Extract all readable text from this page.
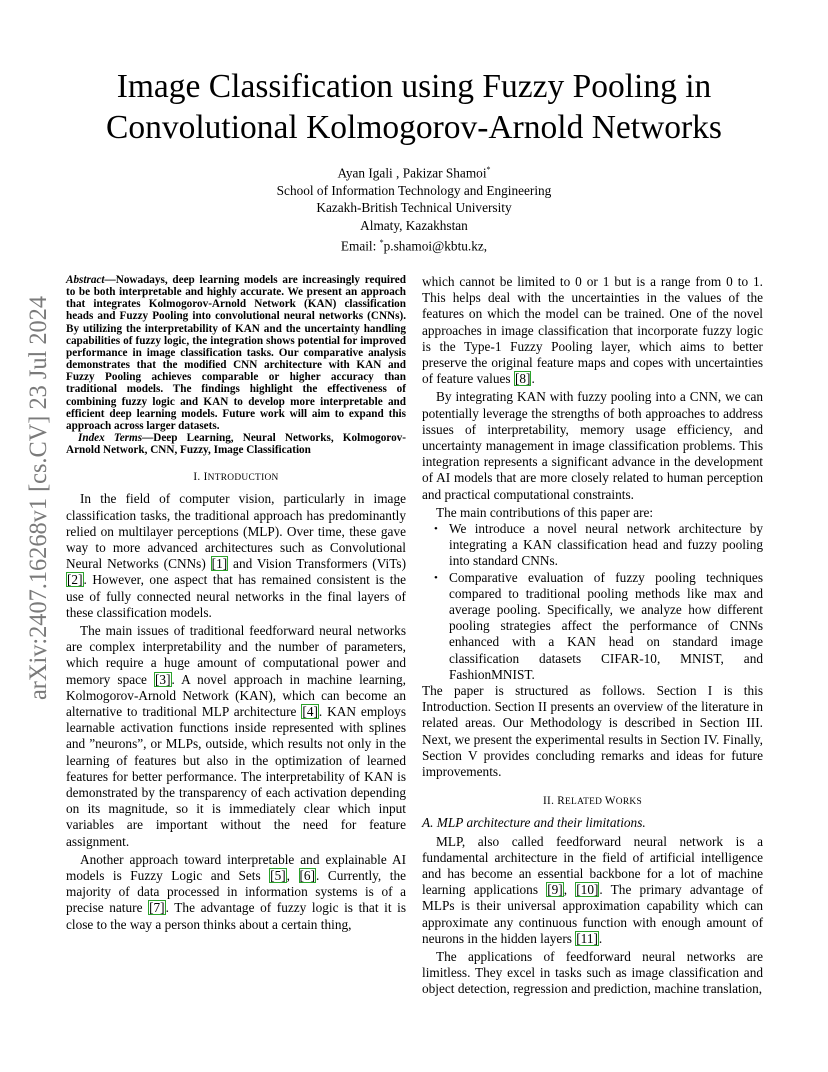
arXiv:2407.16268v1 [cs.CV] 23 Jul 2024
Image Classification using Fuzzy Pooling in
Convolutional Kolmogorov-Arnold Networks
Ayan Igali , Pakizar Shamoi*
School of Information Technology and Engineering
Kazakh-British Technical University
Almaty, Kazakhstan
Email: *p.shamoi@kbtu.kz,

Abstract—Nowadays, deep learning models are increasingly required to be both interpretable and highly accurate. We present an approach that integrates Kolmogorov-Arnold Network (KAN) classification heads and Fuzzy Pooling into convolutional neural networks (CNNs). By utilizing the interpretability of KAN and the uncertainty handling capabilities of fuzzy logic, the integration shows potential for improved performance in image classification tasks. Our comparative analysis demonstrates that the modified CNN architecture with KAN and Fuzzy Pooling achieves comparable or higher accuracy than traditional models. The findings highlight the effectiveness of combining fuzzy logic and KAN to develop more interpretable and efficient deep learning models. Future work will aim to expand this approach across larger datasets.

Index Terms—Deep Learning, Neural Networks, Kolmogorov-Arnold Network, CNN, Fuzzy, Image Classification

I. INTRODUCTION

In the field of computer vision, particularly in image classification tasks, the traditional approach has predominantly relied on multilayer perceptions (MLP). Over time, these gave way to more advanced architectures such as Convolutional Neural Networks (CNNs) [1] and Vision Transformers (ViTs) [2]. However, one aspect that has remained consistent is the use of fully connected neural networks in the final layers of these classification models.

The main issues of traditional feedforward neural networks are complex interpretability and the number of parameters, which require a huge amount of computational power and memory space [3]. A novel approach in machine learning, Kolmogorov-Arnold Network (KAN), which can become an alternative to traditional MLP architecture [4]. KAN employs learnable activation functions inside represented with splines and ”neurons”, or MLPs, outside, which results not only in the learning of features but also in the optimization of learned features for better performance. The interpretability of KAN is demonstrated by the transparency of each activation depending on its magnitude, so it is immediately clear which input variables are important without the need for feature assignment.

Another approach toward interpretable and explainable AI models is Fuzzy Logic and Sets [5], [6]. Currently, the majority of data processed in information systems is of a precise nature [7]. The advantage of fuzzy logic is that it is close to the way a person thinks about a certain thing,

which cannot be limited to 0 or 1 but is a range from 0 to 1. This helps deal with the uncertainties in the values of the features on which the model can be trained. One of the novel approaches in image classification that incorporate fuzzy logic is the Type-1 Fuzzy Pooling layer, which aims to better preserve the original feature maps and copes with uncertainties of feature values [8].

By integrating KAN with fuzzy pooling into a CNN, we can potentially leverage the strengths of both approaches to address issues of interpretability, memory usage efficiency, and uncertainty management in image classification problems. This integration represents a significant advance in the development of AI models that are more closely related to human perception and practical computational constraints.

The main contributions of this paper are:

• We introduce a novel neural network architecture by integrating a KAN classification head and fuzzy pooling into standard CNNs.
• Comparative evaluation of fuzzy pooling techniques compared to traditional pooling methods like max and average pooling. Specifically, we analyze how different pooling strategies affect the performance of CNNs enhanced with a KAN head on standard image classification datasets CIFAR-10, MNIST, and FashionMNIST.

The paper is structured as follows. Section I is this Introduction. Section II presents an overview of the literature in related areas. Our Methodology is described in Section III. Next, we present the experimental results in Section IV. Finally, Section V provides concluding remarks and ideas for future improvements.

II. RELATED WORKS
A. MLP architecture and their limitations.

MLP, also called feedforward neural network is a fundamental architecture in the field of artificial intelligence and has become an essential backbone for a lot of machine learning applications [9], [10]. The primary advantage of MLPs is their universal approximation capability which can approximate any continuous function with enough amount of neurons in the hidden layers [11].

The applications of feedforward neural networks are limitless. They excel in tasks such as image classification and object detection, regression and prediction, machine translation,
